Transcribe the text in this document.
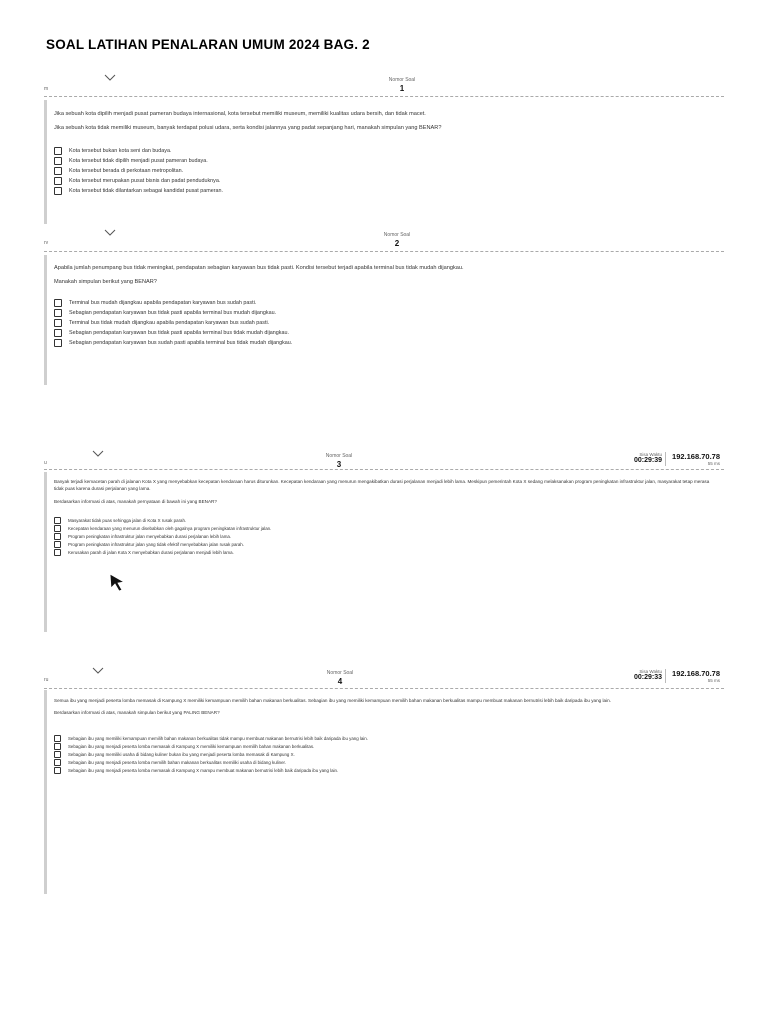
SOAL LATIHAN PENALARAN UMUM 2024 BAG. 2
m
Nomor Soal
1

Jika sebuah kota dipilih menjadi pusat pameran budaya internasional, kota tersebut memiliki museum, memiliki kualitas udara bersih, dan tidak macet.

Jika sebuah kota tidak memiliki museum, banyak terdapat polusi udara, serta kondisi jalannya yang padat sepanjang hari, manakah simpulan yang BENAR?

Kota tersebut bukan kota seni dan budaya.
Kota tersebut tidak dipilih menjadi pusat pameran budaya.
Kota tersebut berada di perkotaan metropolitan.
Kota tersebut merupakan pusat bisnis dan padat penduduknya.
Kota tersebut tidak dilantarkan sebagai kandidat pusat pameran.
rv
Nomor Soal
2

Apabila jumlah penumpang bus tidak meningkat, pendapatan sebagian karyawan bus tidak pasti. Kondisi tersebut terjadi apabila terminal bus tidak mudah dijangkau.

Manakah simpulan berikut yang BENAR?

Terminal bus mudah dijangkau apabila pendapatan karyawan bus sudah pasti.
Sebagian pendapatan karyawan bus tidak pasti apabila terminal bus mudah dijangkau.
Terminal bus tidak mudah dijangkau apabila pendapatan karyawan bus sudah pasti.
Sebagian pendapatan karyawan bus tidak pasti apabila terminal bus tidak mudah dijangkau.
Sebagian pendapatan karyawan bus sudah pasti apabila terminal bus tidak mudah dijangkau.
u
Nomor Soal
3
Sisa Waktu
00:29:39	192.168.70.78
55 ms

Banyak terjadi kemacetan parah di jalanan Kota X yang menyebabkan kecepatan kendaraan harus diturunkan. Kecepatan kendaraan yang menurun mengakibatkan durasi perjalanan menjadi lebih lama. Meskipun pemerintah Kota X sedang melaksanakan program peningkatan infrastruktur jalan, masyarakat tetap merasa tidak puas karena durasi perjalanan yang lama.

Berdasarkan informasi di atas, manakah pernyataan di bawah ini yang BENAR?

Masyarakat tidak puas sehingga jalan di Kota X rusak parah.
Kecepatan kendaraan yang menurun disebabkan oleh gagalnya program peningkatan infrastruktur jalan.
Program peningkatan infrastruktur jalan menyebabkan durasi perjalanan lebih lama.
Program peningkatan infrastruktur jalan yang tidak efektif menyebabkan jalan rusak parah.
Kerusakan parah di jalan Kota X menyebabkan durasi perjalanan menjadi lebih lama.
ru
Nomor Soal
4
Sisa Waktu
00:29:33	192.168.70.78
55 ms

Semua ibu yang menjadi peserta lomba memasak di Kampung X memiliki kemampuan memilih bahan makanan berkualitas. Sebagian ibu yang memiliki kemampuan memilih bahan makanan berkualitas mampu membuat makanan bernutrisi lebih baik daripada ibu yang lain.

Berdasarkan informasi di atas, manakah simpulan berikut yang PALING BENAR?

Sebagian ibu yang memiliki kemampuan memilih bahan makanan berkualitas tidak mampu membuat makanan bernutrisi lebih baik daripada ibu yang lain.
Sebagian ibu yang menjadi peserta lomba memasak di Kampung X memiliki kemampuan memilih bahan makanan berkualitas.
Sebagian ibu yang memiliki usaha di bidang kuliner bukan ibu yang menjadi peserta lomba memasak di Kampung X.
Sebagian ibu yang menjadi peserta lomba memilih bahan makanan berkualitas memiliki usaha di bidang kuliner.
Sebagian ibu yang menjadi peserta lomba memasak di Kampung X mampu membuat makanan bernutrisi lebih baik daripada ibu yang lain.
